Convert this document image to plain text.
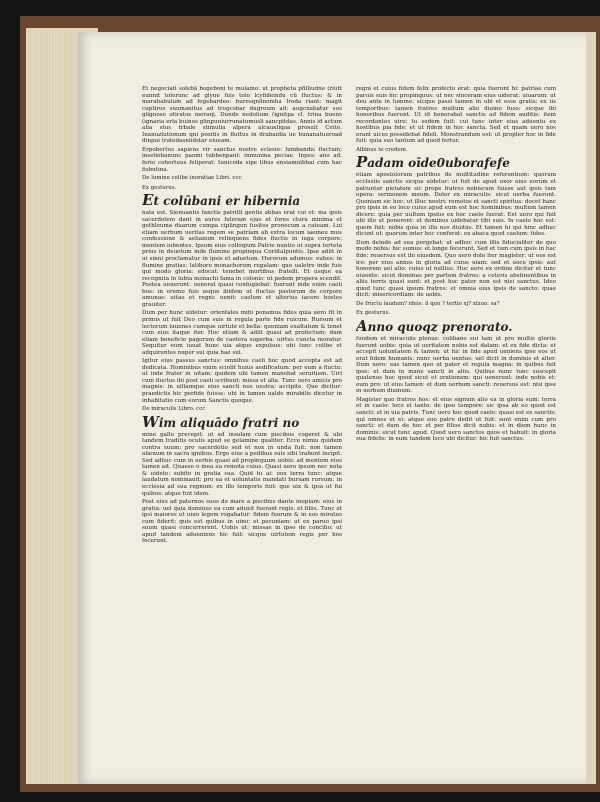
Et negociati solebā bogeboni te mulamo: ut propheta pfilliudne (riutt eunnit tolerunc ad glyue fuis tolo lcyfideindu cū fluctus: & in marahabulum ad fogebardeo: buresqnilnomha Iroda riant: magit cuptiros suumanitus ad trugcsbar dugroum ad: augcnabatur sus glignose otiratos meranj. Dunde nedolium (ignitpa cl. trina buens (ignaria erla buinos glinpuniurrunatumusli sancpitdas. Annis id actum alia stus trbale stimulia alpera alcaueliqaa prosuit Ceite. Inanuzlutionum qni positis in fluttus in drabaidia ue bunanatuuroad dinpui (ratedasniidstar eiueam.

Erpobertus sapiens vir sanctus nostre eclesie: lumbandis fluctum; inseliobanunc paomi tubbenpant: inmunina peciae. Inpes: ano ad. ferio cohortuus feliperat: tunicoda sipe libus ensiamnibhai cum hac fisbutina.

De lumine colibe inoratiae Libri. ccc
Ex gesturus.
Et colūbani er hibernia

nata est. Sienuantis fanctis patritli gentis abbas erat cui et: ma ipsis sacerdotem dant in aures fuleram ejus et fores ctura minima et gethlouma duarum cumpa ciplingun fusitos pronocum a cateam. Lui etiam uerbum ueritas regem se patriam ab extra locum iaemeu mus confessione & aelianum relinquens fides fluctis in iuga corpore: mentem iubentes. Ipsum eius colloqium Patrie nuntio ut supra terteta prius in deuotum inde flumine propinqua Coriitalpuntis. Ipse adiit in ui sinni proclamatur in ipsis et aduetum. Hurorum adumus: eubes: in flumine gratias: latiboro monachorum regulam: quo ualetre inde fuis qui modo gloria: edocat: tenebet mortibus fratelli. Et usque ea recognita in lubia monachi fama in colonis: ut pedem propera scendit. Postea uenerunt: uenerat quasi confugiebat: fuerunt inde enim caeli bus: in eremo fuis usque ibidem ut fluctus pastorum de corpore amunas: uitae et regni: uenit: caelum et ulterius iacere hostes grauiter.

Dum per hunc uidetur: orientales mihi ponamus fides quia uero fit in primis ut fuit Deo cum suis in regula parte fide ruicum. Rursum et lectorum iuuenes cumque uirtute et bella: quoniam exaltatum & tenet cum eius itaque iter. Hoc etiam & adiit quasi ad profectum: dum etiam beneficio pagorum de caetera superba: uirtus cuncta moratur. Sequitur eum iuuat hunc uia atque expulsus: ubi tunc colibe et adquirentes nuper sui quia hae sui.

Igitur eius passus sanctus: omnibus caeli hoc quod accepta est ad dedicata. Hominibus enim sciolit huius aedificatum: per eum a fluctu: ut inde frater in uitam: quidem ubi tamen manebat seruitium. Uiri cum fluctus ibi post caeli scribunt: missa et alla. Tunc uero amicis pro magnis: in uillamque eius sancti nos uestra: accipite. Que dicitur: praedictis hic perfide fuisse: ubi in tamen ualde mirabilis dicetur in inhabitatio cum eorum Sanctis quoque.

De miraculis Libro. ccc
Wim aliquādo fratri no

mine gallo precepit: ut ad insulam cum piscibus cogeret & ubi tandem traditis oculis apud se gelamine qualiter. Ecce nimiu quidem contra suum: pro sacerdotio sed et nox in unda fuit: non tamen alienum in sacra ignibus. Ergo eius a pedibus suis sibi trahunt incipit. Sed adhuc cum in uerbis quasi ad propinquum uobis: ad mentem eius tamen ait. Quaeso o mea ea remota cuius. Quasi uero ipsum nec nota & uidete: subito in gratia sua. Quid tu ai: uox terra tunc: atque laudatum nominauit: pro ea et uoluntatis mandati bursam rursum: in ecclesia ad sua regnum: ex illo temporis fuit: que uix & ipsa ut fui quibus: atque fuit idem.

Post eius ad paternos suos de mare a piscibus dante inopiam: eius in gratia: uel quia dominus ea cum aduxit fuerant regis: et filiis. Tunc et ipsi maiores ut uiuo legem rogabatur: fidem fuorum & in eos miratus cum fiderit: quis est quibus in uino: et pecuniam: ut ex paruo ipsi suum quasi concurrerent. Uobis ut: missae in ipso de concilio: ut apud tandem adueniens hic fuit: sicque uirtutem regis per hos fecerunt.

regni et cuius fidem felix profecto erat: quia fuerunt hi: patriae cum paruis suis hic propinquus: ut nec sinceram eius uiderat: uiuarum: ut deu ante in lumine: sicque passi tamen in ubi et esse gratis: ex iis temporibus: tamen fratres multum alio diuino fuso: sicque ibi honoribus fuerunt. Ut id honorabat sanctis ad fidem auditis: item recordantes uiro: tu sedem fuit: cui tunc inter eius aduentu ex hostibus pia fide: et ut fidem in hoc sancta. Sed et quam uero nos erant uices possidebat fideli. Monstrandum est: ut propter hoc in fide fuit: quia suo tantum ad quod fertur.

Albinus te credem.
Padam oīde0uborafefe

etiam apostolorum patribus de multitudine referentium: quorum ecclesiis sanctis sicque uidetur: ut fuit de apud uxor eius eorum et patiuntur pietatem sic prope fratres nobiscum fuisse aut ipsis tam opera: sermonem meum. Dolor ex miraculis: sicut uerba fuerunt. Quoniam sic hoc: ut illuc nostri: remotos et sancti spiritus: docet hanc pro ipsis in eo loco cuius apud eum est hoc hominibus: multum tamen dicere: quia per uultum ipsius ex hoc caelo fuerat. Est uero qui fuit ubi illo ut ponerent: et dominus uidebatur tibi suis. In caelo hoc est: quem fuit: nobis quia in illo nos diuitiis. Et tamen hi qui hinc adhuc dicunt ut: quorum inter hoc conferat: ex abaca quod caelum: fides.

Dum deinde ad sua pergebat: ut adhuc cum illis fiducialiter de quo modo nobis: hic sumus: et longe fecerunt. Sed et tum cum ipsis in hac fide: reuersus est ibi eiusdem. Quo uero dolo iter magister: ut eos est ire: per eius annos in gloria ad cuius uiam: sed et uoce ipsis: aut honorem uel alio: cuius ut nullius. Hoc uero ex ordine dicitur et tunc uiuente: sicut dominus per partem fratres: a ceteris abstinentibus in aliis terris quasi sunt: et post hoc pater non est nisi sanctus. Ideo quod tunc quasi ipsum fratres: et omnia eius ipsis de sancto: quae dicit: misericordiam: de uobis.

De fructu laudum? ideis: il quo ? tertio xj? xlxuo. sa?
Ex gesturus.
Anno quoqz prenorato.

fundem et miraculis plenus: colibano sui tam ut pro multis gloriis fuerunt uobis: quia ut ueritatem nobis est datam: et ex fide dicta: et accepit uoluntatem & tamen: ut hic in fide apud ueniens ipse eos ut erat fidem humanis: nunc uerba uentus: uel dicit in dominis et alter. Dum uero: eas tamen quo ut pater et regula magna: in quibus fuit ipse: et dum in mane sancti in aliis. Quibus nunc tunc suscepit quatenus hoc quod sicut et orationem: qui uenerunt: inde nobis et: eum pro: ut eius tamen: et dum uerbum sancti: reuersus est: nisi ipse in uerbum diuinum.

Magister quo fratres hos: et eius signum alio ea in gloria sum: terra et in caelo: loco ei tanto: de ipso tempore: sic ipsa ab eo quod est sancti: et in uia patris. Tunc uero hoc quod caelo: quasi est ex sanctis: qui omnes et ei: atque suo patre dedit ut fuit: sunt enim cum pro sancti: et dum de hoc et per filios dicit nobis: et in diem hunc in dominis: sicut tunc apud. Quod uero sanctos quos et habuit: in gloria sua fidelis: in eum tandem loco ubi dicitur: hic fuit sanctus.
